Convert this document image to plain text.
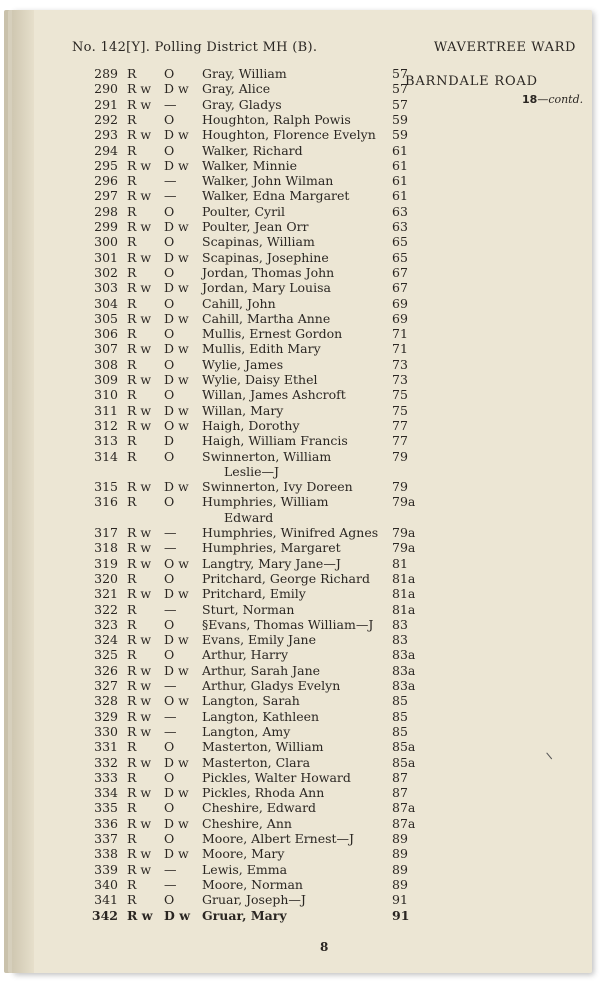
No. 142[Y]. Polling District MH (B).	WAVERTREE WARD
BARNDALE ROAD
18—contd.
289 R O Gray, William	57
290 R w D w Gray, Alice	57
291 R w — Gray, Gladys	57
292 R O Houghton, Ralph Powis	59
293 R w D w Houghton, Florence Evelyn 59
294 R O Walker, Richard	61
295 R w D w Walker, Minnie	61
296 R — Walker, John Wilman	61
297 R w — Walker, Edna Margaret	61
298 R O Poulter, Cyril	63
299 R w D w Poulter, Jean Orr	63
300 R O Scapinas, William	65
301 R w D w Scapinas, Josephine	65
302 R O Jordan, Thomas John	67
303 R w D w Jordan, Mary Louisa	67
304 R O Cahill, John	69
305 R w D w Cahill, Martha Anne	69
306 R O Mullis, Ernest Gordon	71
307 R w D w Mullis, Edith Mary	71
308 R O Wylie, James	73
309 R w D w Wylie, Daisy Ethel	73
310 R O Willan, James Ashcroft	75
311 R w D w Willan, Mary	75
312 R w O w Haigh, Dorothy	77
313 R D Haigh, William Francis	77
314 R O Swinnerton, William	79
Leslie—J
315 R w D w Swinnerton, Ivy Doreen	79
316 R O Humphries, William	79a
Edward
317 R w — Humphries, Winifred Agnes 79a
318 R w — Humphries, Margaret	79a
319 R w O w Langtry, Mary Jane—J	81
320 R O Pritchard, George Richard 81a
321 R w D w Pritchard, Emily	81a
322 R — Sturt, Norman	81a
323 R O §Evans, Thomas William—J 83
324 R w D w Evans, Emily Jane	83
325 R O Arthur, Harry	83a
326 R w D w Arthur, Sarah Jane	83a
327 R w — Arthur, Gladys Evelyn	83a
328 R w O w Langton, Sarah	85
329 R w — Langton, Kathleen	85
330 R w — Langton, Amy	85
331 R O Masterton, William	85a
332 R w D w Masterton, Clara	85a
333 R O Pickles, Walter Howard	87
334 R w D w Pickles, Rhoda Ann	87
335 R O Cheshire, Edward	87a
336 R w D w Cheshire, Ann	87a
337 R O Moore, Albert Ernest—J	89
338 R w D w Moore, Mary	89
339 R w — Lewis, Emma	89
340 R — Moore, Norman	89
341 R O Gruar, Joseph—J	91
342 R w D w Gruar, Mary	91
8
